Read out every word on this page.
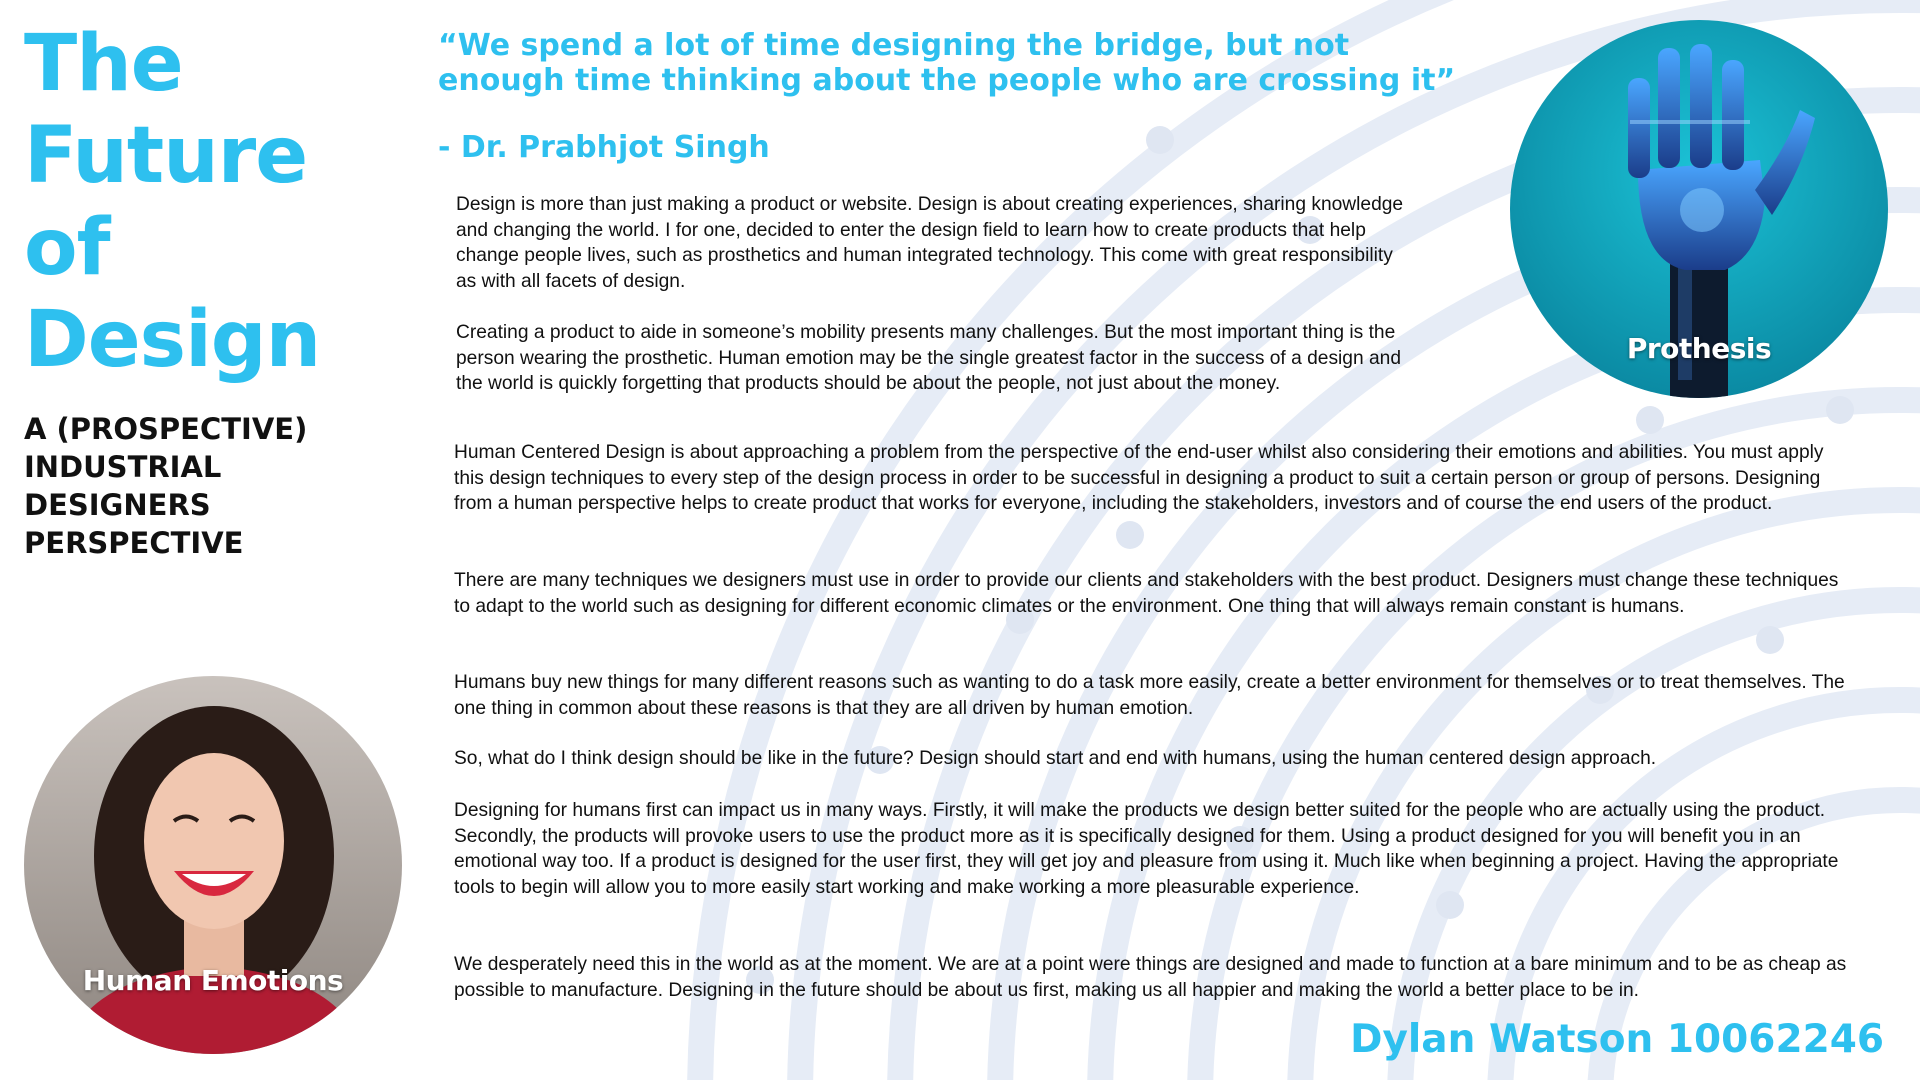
The
Future
of
Design
A (PROSPECTIVE)
INDUSTRIAL
DESIGNERS
PERSPECTIVE
“We spend a lot of time designing the bridge, but not
enough time thinking about the people who are crossing it”

- Dr. Prabhjot Singh

Design is more than just making a product or website. Design is about creating experiences, sharing knowledge and changing the world. I for one, decided to enter the design field to learn how to create products that help change people lives, such as prosthetics and human integrated technology. This come with great responsibility as with all facets of design.

Creating a product to aide in someone’s mobility presents many challenges. But the most important thing is the person wearing the prosthetic. Human emotion may be the single greatest factor in the success of a design and the world is quickly forgetting that products should be about the people, not just about the money.

Human Centered Design is about approaching a problem from the perspective of the end-user whilst also considering their emotions and abilities. You must apply this design techniques to every step of the design process in order to be successful in designing a product to suit a certain person or group of persons. Designing from a human perspective helps to create product that works for everyone, including the stakeholders, investors and of course the end users of the product.

There are many techniques we designers must use in order to provide our clients and stakeholders with the best product. Designers must change these techniques to adapt to the world such as designing for different economic climates or the environment. One thing that will always remain constant is humans.

Humans buy new things for many different reasons such as wanting to do a task more easily, create a better environment for themselves or to treat themselves. The one thing in common about these reasons is that they are all driven by human emotion.

So, what do I think design should be like in the future? Design should start and end with humans, using the human centered design approach.

Designing for humans first can impact us in many ways. Firstly, it will make the products we design better suited for the people who are actually using the product. Secondly, the products will provoke users to use the product more as it is specifically designed for them. Using a product designed for you will benefit you in an emotional way too. If a product is designed for the user first, they will get joy and pleasure from using it. Much like when beginning a project. Having the appropriate tools to begin will allow you to more easily start working and make working a more pleasurable experience.

We desperately need this in the world as at the moment. We are at a point were things are designed and made to function at a bare minimum and to be as cheap as possible to manufacture. Designing in the future should be about us first, making us all happier and making the world a better place to be in.

Prothesis
Human Emotions

Dylan Watson 10062246
